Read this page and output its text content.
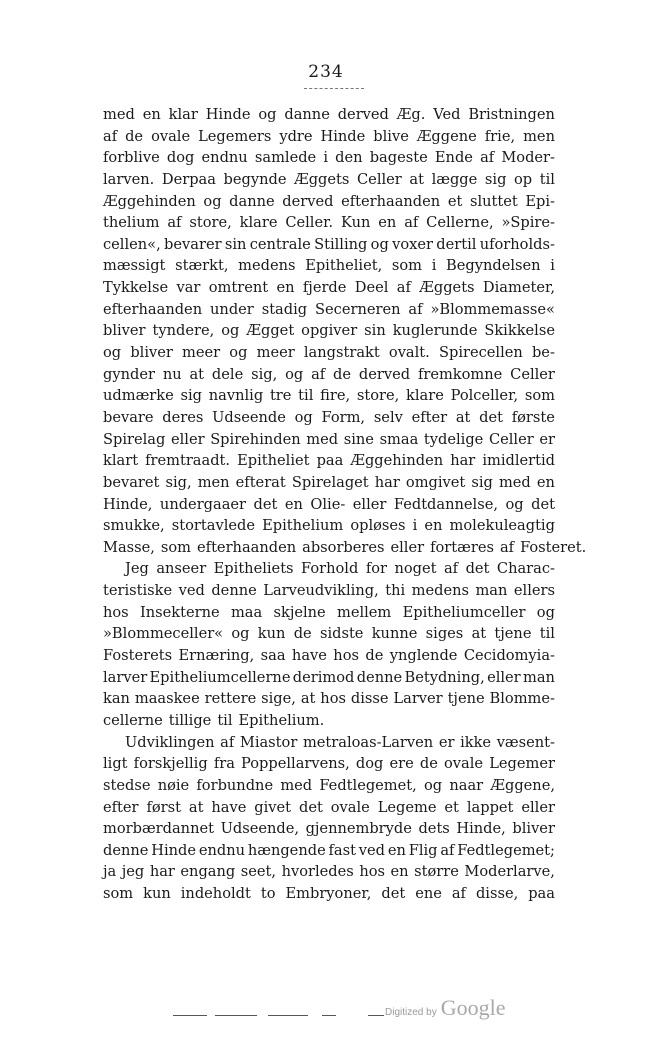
234
med en klar Hinde og danne derved Æg. Ved Bristningen
af de ovale Legemers ydre Hinde blive Æggene frie, men
forblive dog endnu samlede i den bageste Ende af Moder-
larven. Derpaa begynde Æggets Celler at lægge sig op til
Æggehinden og danne derved efterhaanden et sluttet Epi-
thelium af store, klare Celler. Kun en af Cellerne, »Spire-
cellen«, bevarer sin centrale Stilling og voxer dertil uforholds-
mæssigt stærkt, medens Epitheliet, som i Begyndelsen i
Tykkelse var omtrent en fjerde Deel af Æggets Diameter,
efterhaanden under stadig Secerneren af »Blommemasse«
bliver tyndere, og Ægget opgiver sin kuglerunde Skikkelse
og bliver meer og meer langstrakt ovalt. Spirecellen be-
gynder nu at dele sig, og af de derved fremkomne Celler
udmærke sig navnlig tre til fire, store, klare Polceller, som
bevare deres Udseende og Form, selv efter at det første
Spirelag eller Spirehinden med sine smaa tydelige Celler er
klart fremtraadt. Epitheliet paa Æggehinden har imidlertid
bevaret sig, men efterat Spirelaget har omgivet sig med en
Hinde, undergaaer det en Olie- eller Fedtdannelse, og det
smukke, stortavlede Epithelium opløses i en molekuleagtig
Masse, som efterhaanden absorberes eller fortæres af Fosteret.
Jeg anseer Epitheliets Forhold for noget af det Charac-
teristiske ved denne Larveudvikling, thi medens man ellers
hos Insekterne maa skjelne mellem Epitheliumceller og
»Blommeceller« og kun de sidste kunne siges at tjene til
Fosterets Ernæring, saa have hos de ynglende Cecidomyia-
larver Epitheliumcellerne derimod denne Betydning, eller man
kan maaskee rettere sige, at hos disse Larver tjene Blomme-
cellerne tillige til Epithelium.
Udviklingen af Miastor metraloas-Larven er ikke væsent-
ligt forskjellig fra Poppellarvens, dog ere de ovale Legemer
stedse nøie forbundne med Fedtlegemet, og naar Æggene,
efter først at have givet det ovale Legeme et lappet eller
morbærdannet Udseende, gjennembryde dets Hinde, bliver
denne Hinde endnu hængende fast ved en Flig af Fedtlegemet;
ja jeg har engang seet, hvorledes hos en større Moderlarve,
som kun indeholdt to Embryoner, det ene af disse, paa
Digitized by Google
